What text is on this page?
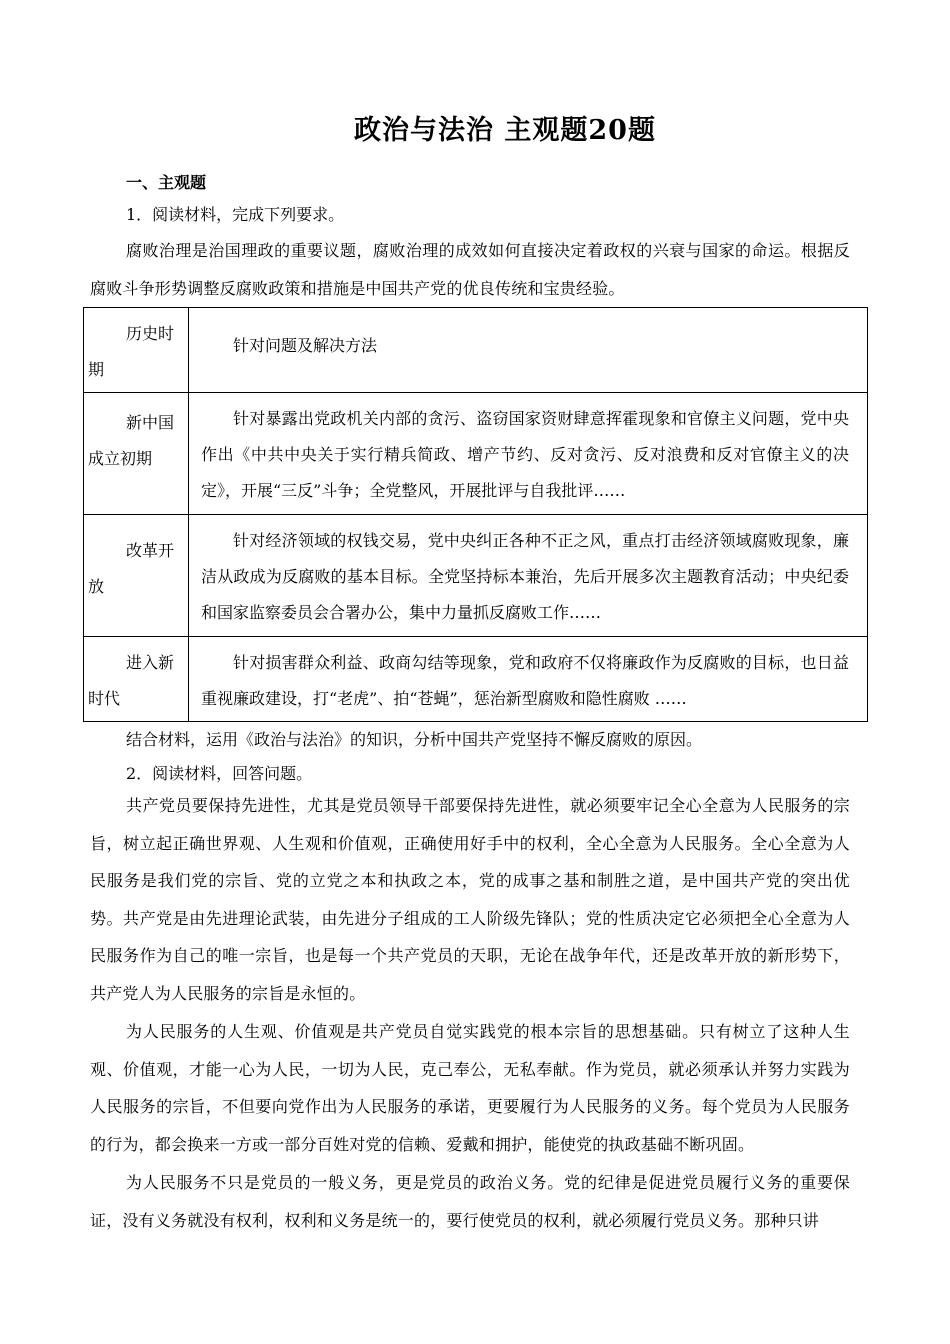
政治与法治 主观题20题
一、主观题
1．阅读材料，完成下列要求。
腐败治理是治国理政的重要议题，腐败治理的成效如何直接决定着政权的兴衰与国家的命运。根据反腐败斗争形势调整反腐败政策和措施是中国共产党的优良传统和宝贵经验。
历史时期	针对问题及解决方法

新中国成立初期	针对暴露出党政机关内部的贪污、盗窃国家资财肆意挥霍现象和官僚主义问题，党中央作出《中共中央关于实行精兵简政、增产节约、反对贪污、反对浪费和反对官僚主义的决定》，开展“三反”斗争；全党整风，开展批评与自我批评……

改革开放	针对经济领域的权钱交易，党中央纠正各种不正之风，重点打击经济领域腐败现象，廉洁从政成为反腐败的基本目标。全党坚持标本兼治，先后开展多次主题教育活动；中央纪委和国家监察委员会合署办公，集中力量抓反腐败工作……

进入新时代	针对损害群众利益、政商勾结等现象，党和政府不仅将廉政作为反腐败的目标，也日益重视廉政建设，打“老虎”、拍“苍蝇”，惩治新型腐败和隐性腐败 ……
结合材料，运用《政治与法治》的知识，分析中国共产党坚持不懈反腐败的原因。
2．阅读材料，回答问题。
共产党员要保持先进性，尤其是党员领导干部要保持先进性，就必须要牢记全心全意为人民服务的宗旨，树立起正确世界观、人生观和价值观，正确使用好手中的权利，全心全意为人民服务。全心全意为人民服务是我们党的宗旨、党的立党之本和执政之本，党的成事之基和制胜之道，是中国共产党的突出优势。共产党是由先进理论武装，由先进分子组成的工人阶级先锋队；党的性质决定它必须把全心全意为人民服务作为自己的唯一宗旨，也是每一个共产党员的天职，无论在战争年代，还是改革开放的新形势下，共产党人为人民服务的宗旨是永恒的。
为人民服务的人生观、价值观是共产党员自觉实践党的根本宗旨的思想基础。只有树立了这种人生观、价值观，才能一心为人民，一切为人民，克己奉公，无私奉献。作为党员，就必须承认并努力实践为人民服务的宗旨，不但要向党作出为人民服务的承诺，更要履行为人民服务的义务。每个党员为人民服务的行为，都会换来一方或一部分百姓对党的信赖、爱戴和拥护，能使党的执政基础不断巩固。
为人民服务不只是党员的一般义务，更是党员的政治义务。党的纪律是促进党员履行义务的重要保证，没有义务就没有权利，权利和义务是统一的，要行使党员的权利，就必须履行党员义务。那种只讲
